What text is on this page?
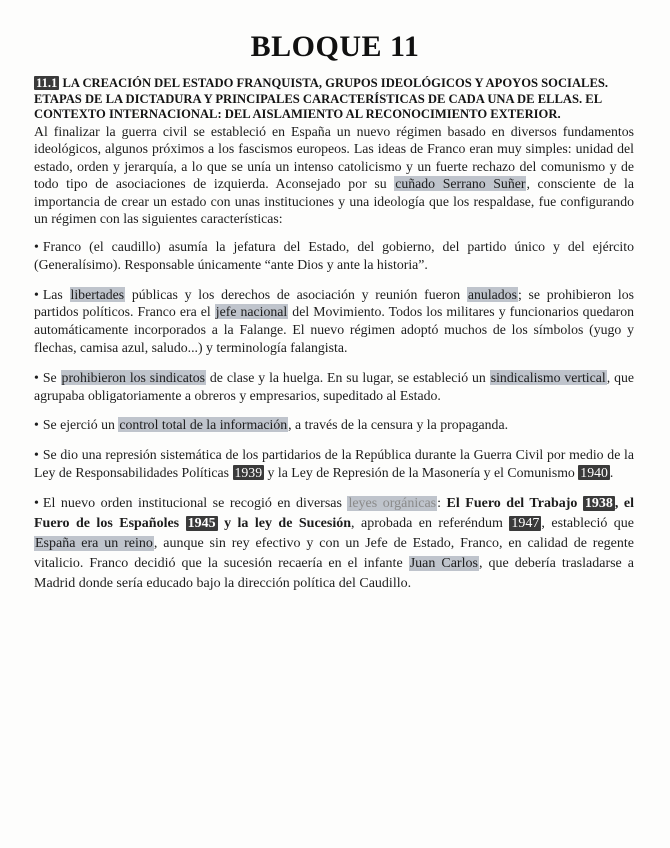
BLOQUE 11

11.1 LA CREACIÓN DEL ESTADO FRANQUISTA, GRUPOS IDEOLÓGICOS Y APOYOS SOCIALES. ETAPAS DE LA DICTADURA Y PRINCIPALES CARACTERÍSTICAS DE CADA UNA DE ELLAS. EL CONTEXTO INTERNACIONAL: DEL AISLAMIENTO AL RECONOCIMIENTO EXTERIOR.

Al finalizar la guerra civil se estableció en España un nuevo régimen basado en diversos fundamentos ideológicos, algunos próximos a los fascismos europeos. Las ideas de Franco eran muy simples: unidad del estado, orden y jerarquía, a lo que se unía un intenso catolicismo y un fuerte rechazo del comunismo y de todo tipo de asociaciones de izquierda. Aconsejado por su cuñado Serrano Suñer, consciente de la importancia de crear un estado con unas instituciones y una ideología que los respaldase, fue configurando un régimen con las siguientes características:

• Franco (el caudillo) asumía la jefatura del Estado, del gobierno, del partido único y del ejército (Generalísimo). Responsable únicamente “ante Dios y ante la historia”.

• Las libertades públicas y los derechos de asociación y reunión fueron anulados; se prohibieron los partidos políticos. Franco era el jefe nacional del Movimiento. Todos los militares y funcionarios quedaron automáticamente incorporados a la Falange. El nuevo régimen adoptó muchos de los símbolos (yugo y flechas, camisa azul, saludo...) y terminología falangista.

• Se prohibieron los sindicatos de clase y la huelga. En su lugar, se estableció un sindicalismo vertical, que agrupaba obligatoriamente a obreros y empresarios, supeditado al Estado.

• Se ejerció un control total de la información, a través de la censura y la propaganda.

• Se dio una represión sistemática de los partidarios de la República durante la Guerra Civil por medio de la Ley de Responsabilidades Políticas 1939 y la Ley de Represión de la Masonería y el Comunismo 1940 .

• El nuevo orden institucional se recogió en diversas leyes orgánicas: El Fuero del Trabajo 1938 , el Fuero de los Españoles 1945 y la ley de Sucesión, aprobada en referéndum 1947 , estableció que España era un reino, aunque sin rey efectivo y con un Jefe de Estado, Franco, en calidad de regente vitalicio. Franco decidió que la sucesión recaería en el infante Juan Carlos, que debería trasladarse a Madrid donde sería educado bajo la dirección política del Caudillo.
